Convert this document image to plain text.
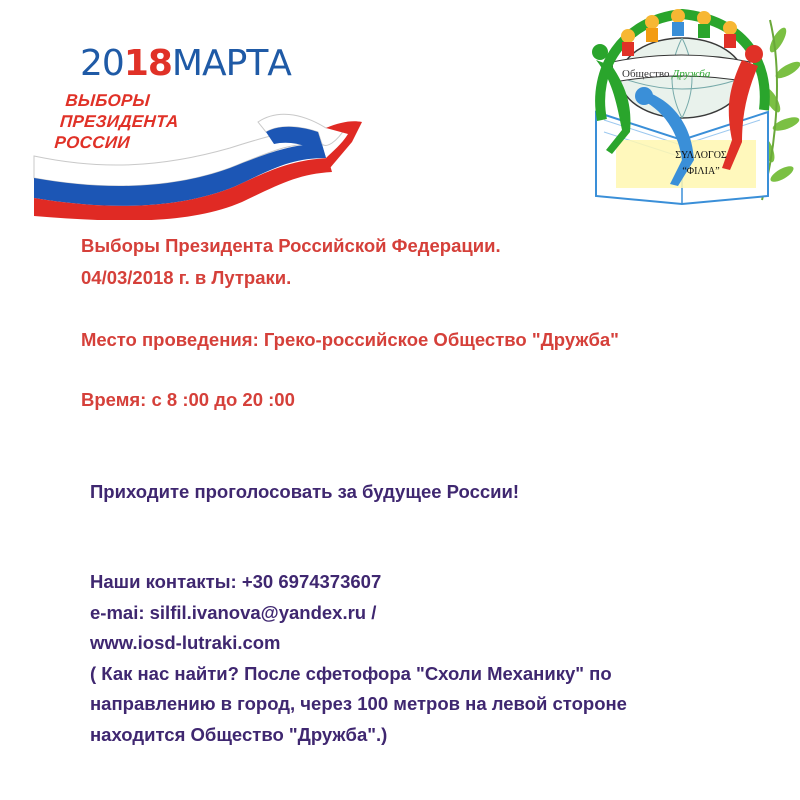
2018МАРТА
ВЫБОРЫ
ПРЕЗИДЕНТА
РОССИИ
Общество Дружба
ΣΥΛΛΟΓΟΣ
“ΦΙΛΙΑ”
Выборы Президента Российской Федерации.
04/03/2018 г. в Лутраки.
Место проведения: Греко-российское Общество "Дружба"
Время: с 8 :00 до 20 :00
Приходите проголосовать за будущее России!
Наши контакты: +30 6974373607
e-mai: silfil.ivanova@yandex.ru /
www.iosd-lutraki.com
( Как нас найти? После сфетофора "Схоли Механику" по
направлению в город, через 100 метров на левой стороне
находится Общество "Дружба".)
